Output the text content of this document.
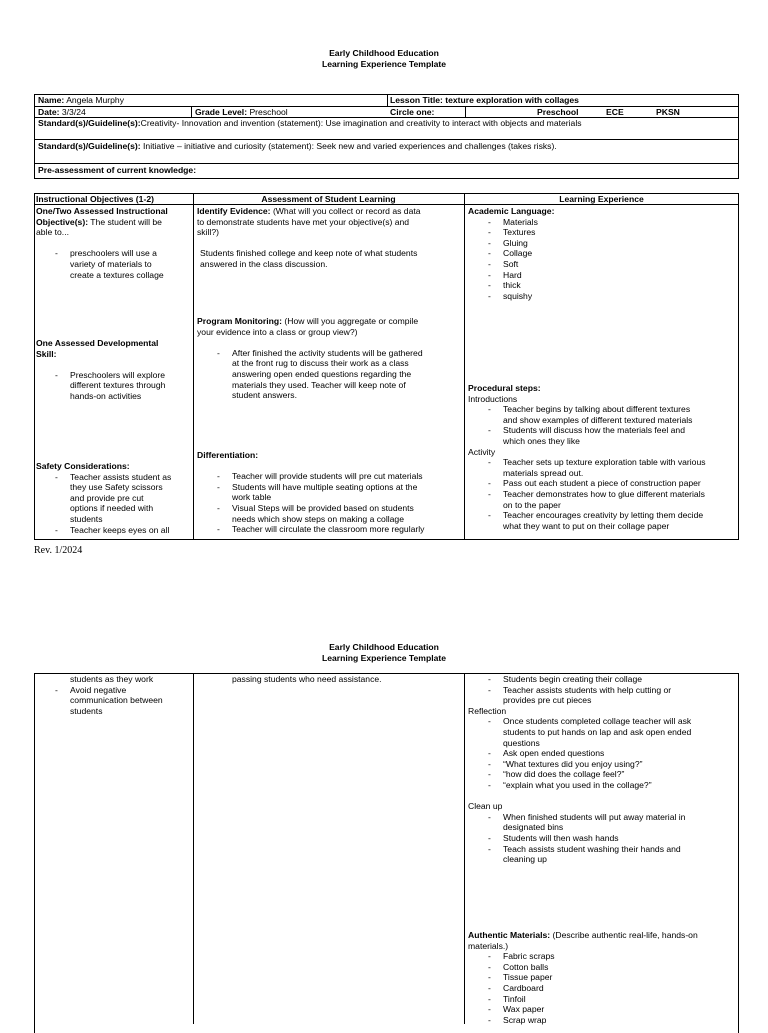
Early Childhood Education
Learning Experience Template
Name: Angela Murphy	Lesson Title: texture exploration with collages
Date: 3/3/24	Grade Level: Preschool	Circle one:	Preschool	ECE	PKSN
Standard(s)/Guideline(s):Creativity- Innovation and invention (statement): Use imagination and creativity to interact with objects and materials
Standard(s)/Guideline(s): Initiative – initiative and curiosity (statement): Seek new and varied experiences and challenges (takes risks).
Pre-assessment of current knowledge:
Instructional Objectives (1-2)	Assessment of Student Learning	Learning Experience
One/Two Assessed Instructional
Objective(s): The student will be
able to...
- preschoolers will use a
variety of materials to
create a textures collage
One Assessed Developmental
Skill:
- Preschoolers will explore
different textures through
hands-on activities
Safety Considerations:
- Teacher assists student as
they use Safety scissors
and provide pre cut
options if needed with
students
- Teacher keeps eyes on all
Identify Evidence: (What will you collect or record as data
to demonstrate students have met your objective(s) and
skill?)
Students finished college and keep note of what students
answered in the class discussion.
Program Monitoring: (How will you aggregate or compile
your evidence into a class or group view?)
- After finished the activity students will be gathered
at the front rug to discuss their work as a class
answering open ended questions regarding the
materials they used. Teacher will keep note of
student answers.
Differentiation:
- Teacher will provide students will pre cut materials
- Students will have multiple seating options at the
work table
- Visual Steps will be provided based on students
needs which show steps on making a collage
- Teacher will circulate the classroom more regularly
Academic Language:
- Materials
- Textures
- Gluing
- Collage
- Soft
- Hard
- thick
- squishy
Procedural steps:
Introductions
- Teacher begins by talking about different textures
and show examples of different textured materials
- Students will discuss how the materials feel and
which ones they like
Activity
- Teacher sets up texture exploration table with various
materials spread out.
- Pass out each student a piece of construction paper
- Teacher demonstrates how to glue different materials
on to the paper
- Teacher encourages creativity by letting them decide
what they want to put on their collage paper
Rev. 1/2024
Early Childhood Education
Learning Experience Template
students as they work
- Avoid negative
communication between
students
passing students who need assistance.
-	Students begin creating their collage
- Teacher assists students with help cutting or
provides pre cut pieces
Reflection
- Once students completed collage teacher will ask
students to put hands on lap and ask open ended
questions
- Ask open ended questions
- “What textures did you enjoy using?”
- “how did does the collage feel?”
- “explain what you used in the collage?”
Clean up
- When finished students will put away material in
designated bins
- Students will then wash hands
- Teach assists student washing their hands and
cleaning up
Authentic Materials: (Describe authentic real-life, hands-on
materials.)
- Fabric scraps
- Cotton balls
- Tissue paper
- Cardboard
- Tinfoil
- Wax paper
- Scrap wrap
